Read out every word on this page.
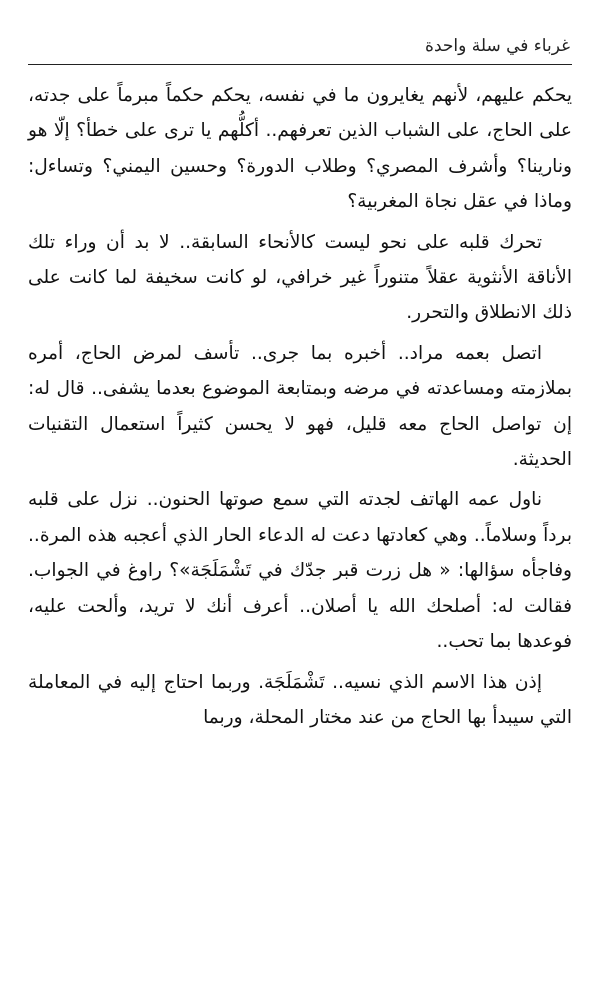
غرباء في سلة واحدة

يحكم عليهم، لأنهم يغايرون ما في نفسه، يحكم حكماً مبرماً على جدته، على الحاج، على الشباب الذين تعرفهم.. أكلُّهم يا ترى على خطأ؟ إلّا هو ونارينا؟ وأشرف المصري؟ وطلاب الدورة؟ وحسين اليمني؟ وتساءل: وماذا في عقل نجاة المغربية؟

تحرك قلبه على نحو ليست كالأنحاء السابقة.. لا بد أن وراء تلك الأناقة الأنثوية عقلاً متنوراً غير خرافي، لو كانت سخيفة لما كانت على ذلك الانطلاق والتحرر.

اتصل بعمه مراد.. أخبره بما جرى.. تأسف لمرض الحاج، أمره بملازمته ومساعدته في مرضه وبمتابعة الموضوع بعدما يشفى.. قال له: إن تواصل الحاج معه قليل، فهو لا يحسن كثيراً استعمال التقنيات الحديثة.

ناول عمه الهاتف لجدته التي سمع صوتها الحنون.. نزل على قلبه برداً وسلاماً.. وهي كعادتها دعت له الدعاء الحار الذي أعجبه هذه المرة.. وفاجأه سؤالها: « هل زرت قبر جدّك في تَشْمَلَجَة»؟ راوغ في الجواب. فقالت له: أصلحك الله يا أصلان.. أعرف أنك لا تريد، وألحت عليه، فوعدها بما تحب..

إذن هذا الاسم الذي نسيه.. تَشْمَلَجَة. وربما احتاج إليه في المعاملة التي سيبدأ بها الحاج من عند مختار المحلة، وربما
